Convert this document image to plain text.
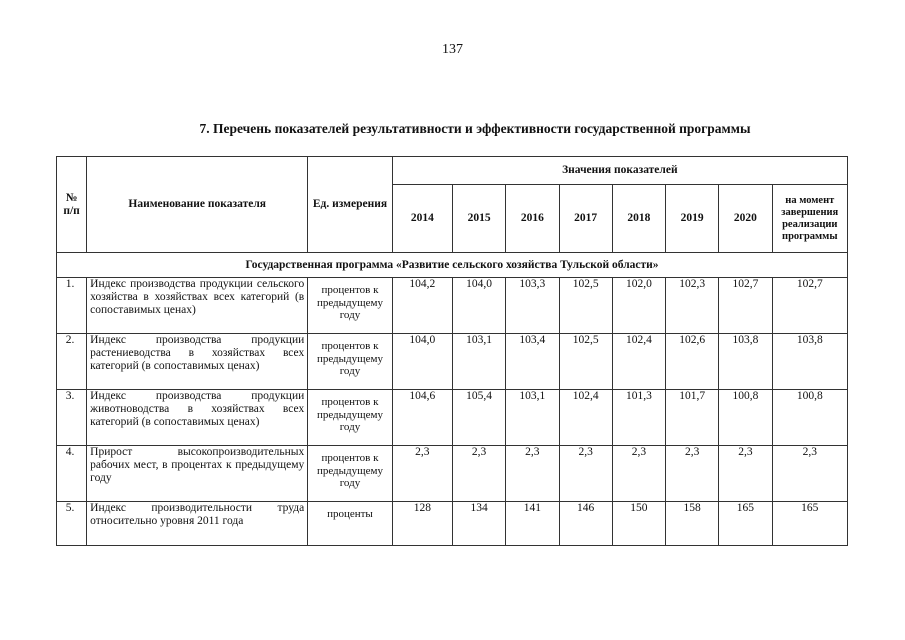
137
7. Перечень показателей результативности и эффективности государственной программы
№ п/п	Наименование показателя	Ед. измерения	Значения показателей							
			2014	2015	2016	2017	2018	2019	2020	на момент завершения реализации программы
Государственная программа «Развитие сельского хозяйства Тульской области»										
1.	Индекс производства продукции сельского хозяйства в хозяйствах всех категорий (в сопоставимых ценах)	процентов к предыдущему году	104,2	104,0	103,3	102,5	102,0	102,3	102,7	102,7
2.	Индекс производства продукции растениеводства в хозяйствах всех категорий (в сопоставимых ценах)	процентов к предыдущему году	104,0	103,1	103,4	102,5	102,4	102,6	103,8	103,8
3.	Индекс производства продукции животноводства в хозяйствах всех категорий (в сопоставимых ценах)	процентов к предыдущему году	104,6	105,4	103,1	102,4	101,3	101,7	100,8	100,8
4.	Прирост высокопроизводительных рабочих мест, в процентах к предыдущему году	процентов к предыдущему году	2,3	2,3	2,3	2,3	2,3	2,3	2,3	2,3
5.	Индекс производительности труда относительно уровня 2011 года	проценты	128	134	141	146	150	158	165	165
